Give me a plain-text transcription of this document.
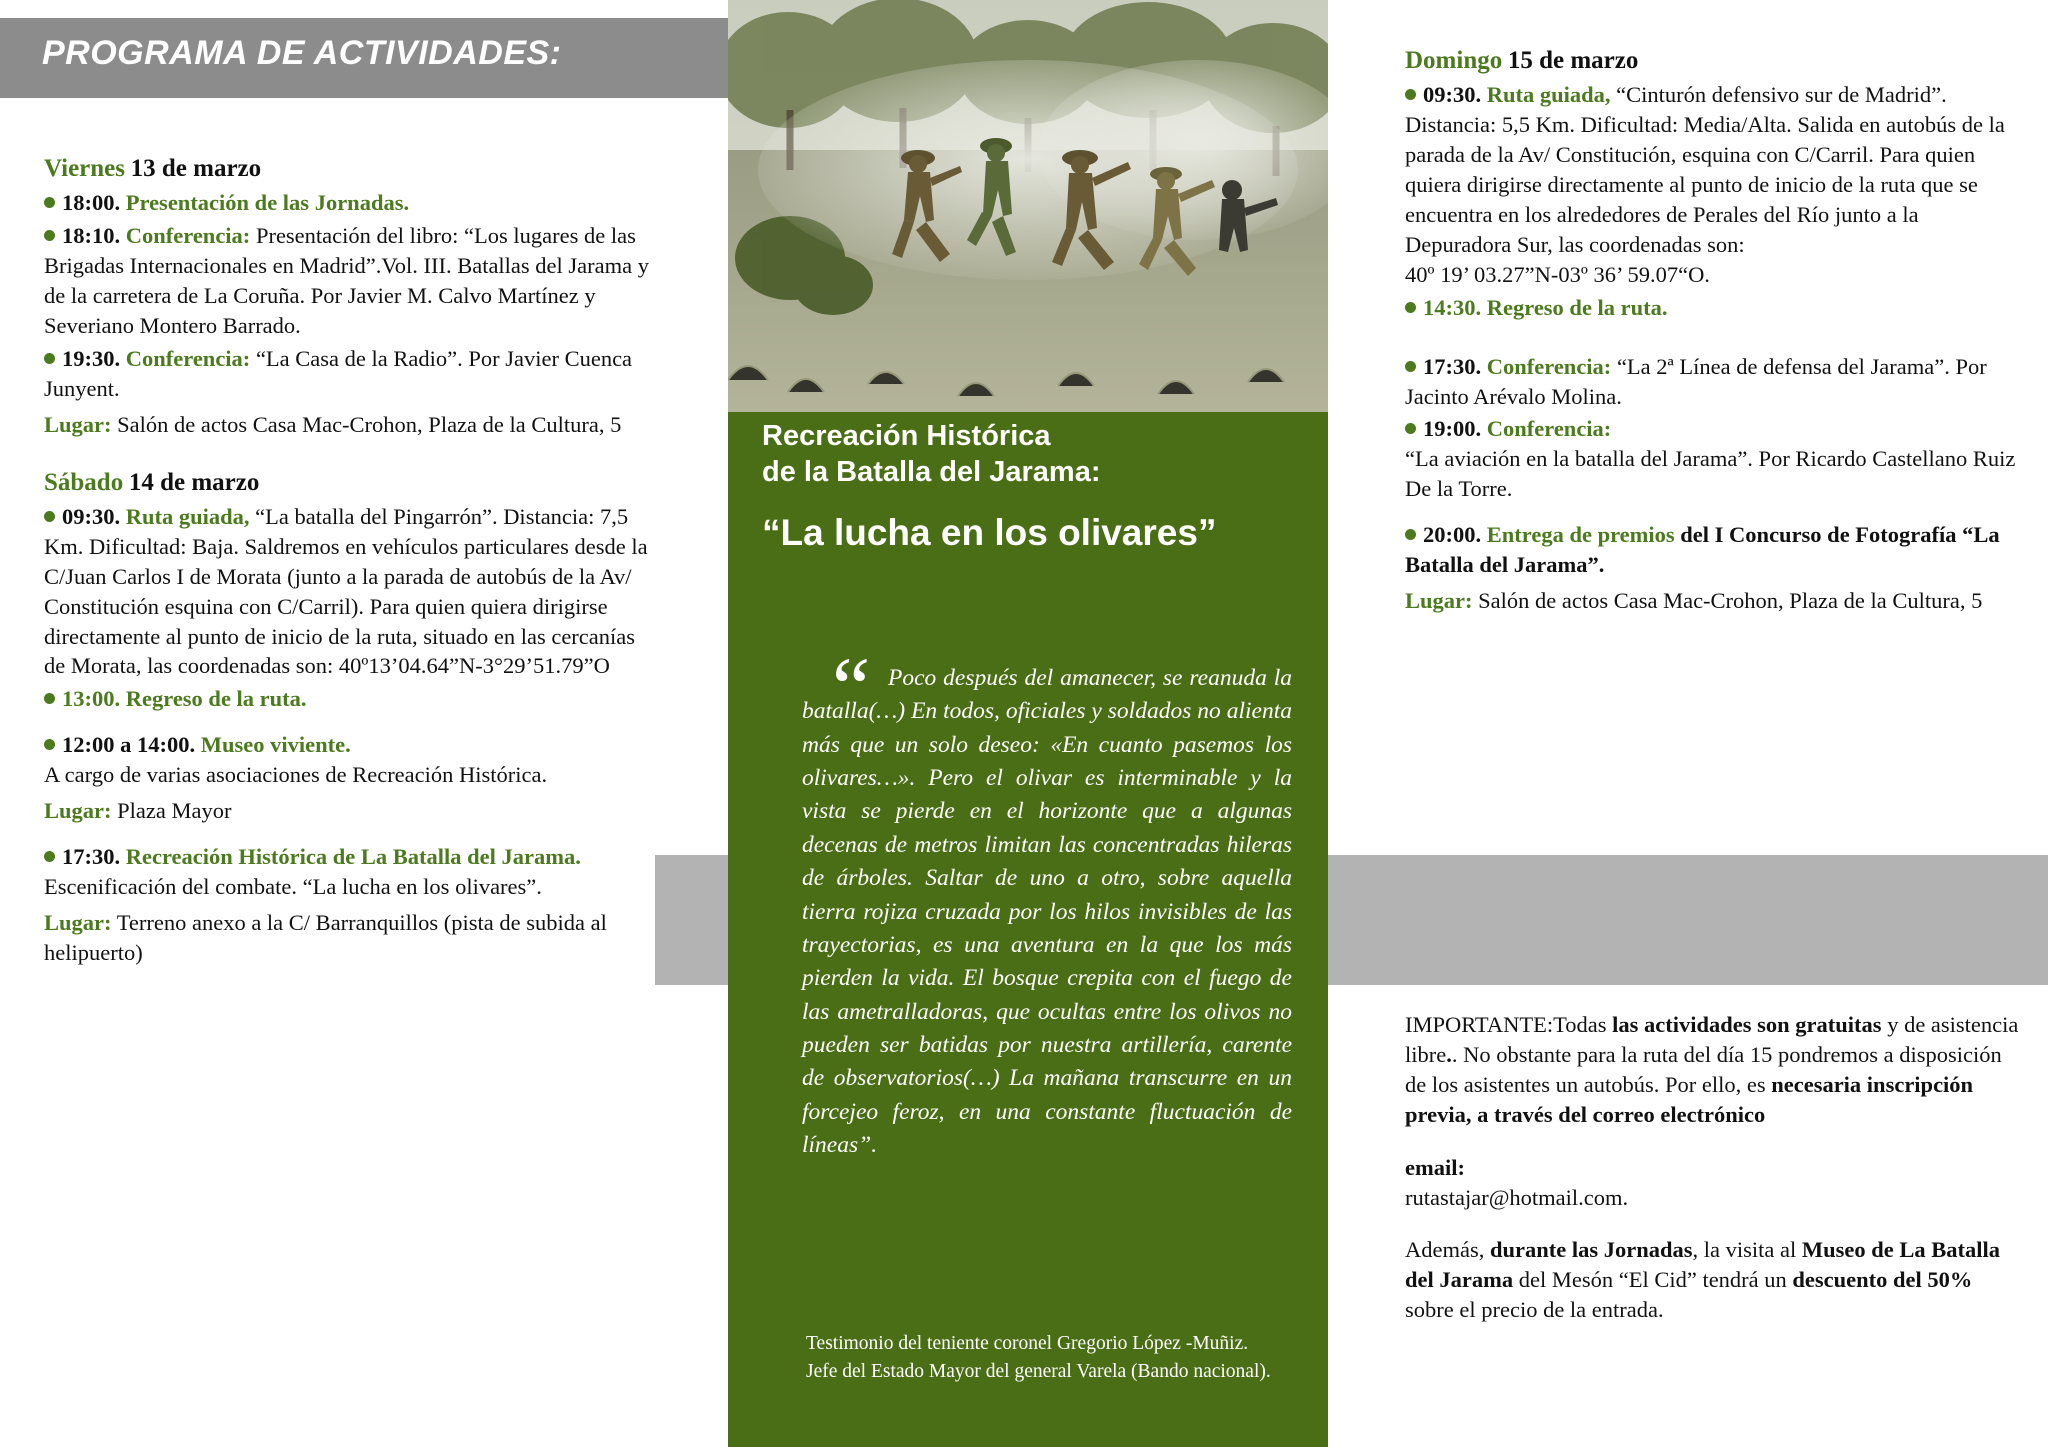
PROGRAMA DE ACTIVIDADES:
Viernes 13 de marzo
18:00. Presentación de las Jornadas.
18:10. Conferencia: Presentación del libro: “Los lugares de las Brigadas Internacionales en Madrid”.Vol. III. Batallas del Jarama y de la carretera de La Coruña. Por Javier M. Calvo Martínez y Severiano Montero Barrado.
19:30. Conferencia: “La Casa de la Radio”. Por Javier Cuenca Junyent.
Lugar: Salón de actos Casa Mac-Crohon, Plaza de la Cultura, 5
Sábado 14 de marzo
09:30. Ruta guiada, “La batalla del Pingarrón”. Distancia: 7,5 Km. Dificultad: Baja. Saldremos en vehículos particulares desde la C/Juan Carlos I de Morata (junto a la parada de autobús de la Av/ Constitución esquina con C/Carril). Para quien quiera dirigirse directamente al punto de inicio de la ruta, situado en las cercanías de Morata, las coordenadas son: 40º13’04.64”N-3°29’51.79”O
13:00. Regreso de la ruta.
12:00 a 14:00. Museo viviente.
A cargo de varias asociaciones de Recreación Histórica.
Lugar: Plaza Mayor
17:30. Recreación Histórica de La Batalla del Jarama. Escenificación del combate. “La lucha en los olivares”.
Lugar: Terreno anexo a la C/ Barranquillos (pista de subida al helipuerto)
Recreación Histórica
de la Batalla del Jarama:
“La lucha en los olivares”
“ Poco después del amanecer, se reanuda la batalla(…) En todos, oficiales y soldados no alienta más que un solo deseo: «En cuanto pasemos los olivares…». Pero el olivar es interminable y la vista se pierde en el horizonte que a algunas decenas de metros limitan las concentradas hileras de árboles. Saltar de uno a otro, sobre aquella tierra rojiza cruzada por los hilos invisibles de las trayectorias, es una aventura en la que los más pierden la vida. El bosque crepita con el fuego de las ametralladoras, que ocultas entre los olivos no pueden ser batidas por nuestra artillería, carente de observatorios(…) La mañana transcurre en un forcejeo feroz, en una constante fluctuación de líneas”.
Testimonio del teniente coronel Gregorio López -Muñiz.
Jefe del Estado Mayor del general Varela (Bando nacional).
Domingo 15 de marzo
09:30. Ruta guiada, “Cinturón defensivo sur de Madrid”. Distancia: 5,5 Km. Dificultad: Media/Alta. Salida en autobús de la parada de la Av/ Constitución, esquina con C/Carril. Para quien quiera dirigirse directamente al punto de inicio de la ruta que se encuentra en los alrededores de Perales del Río junto a la Depuradora Sur, las coordenadas son:
40º 19’ 03.27”N-03º 36’ 59.07“O.
14:30. Regreso de la ruta.
17:30. Conferencia: “La 2ª Línea de defensa del Jarama”. Por Jacinto Arévalo Molina.
19:00. Conferencia:
“La aviación en la batalla del Jarama”. Por Ricardo Castellano Ruiz De la Torre.
20:00. Entrega de premios del I Concurso de Fotografía “La Batalla del Jarama”.
Lugar: Salón de actos Casa Mac-Crohon, Plaza de la Cultura, 5

IMPORTANTE:Todas las actividades son gratuitas y de asistencia libre.. No obstante para la ruta del día 15 pondremos a disposición de los asistentes un autobús. Por ello, es necesaria inscripción previa, a través del correo electrónico

email:
rutastajar@hotmail.com.

Además, durante las Jornadas, la visita al Museo de La Batalla del Jarama del Mesón “El Cid” tendrá un descuento del 50% sobre el precio de la entrada.
